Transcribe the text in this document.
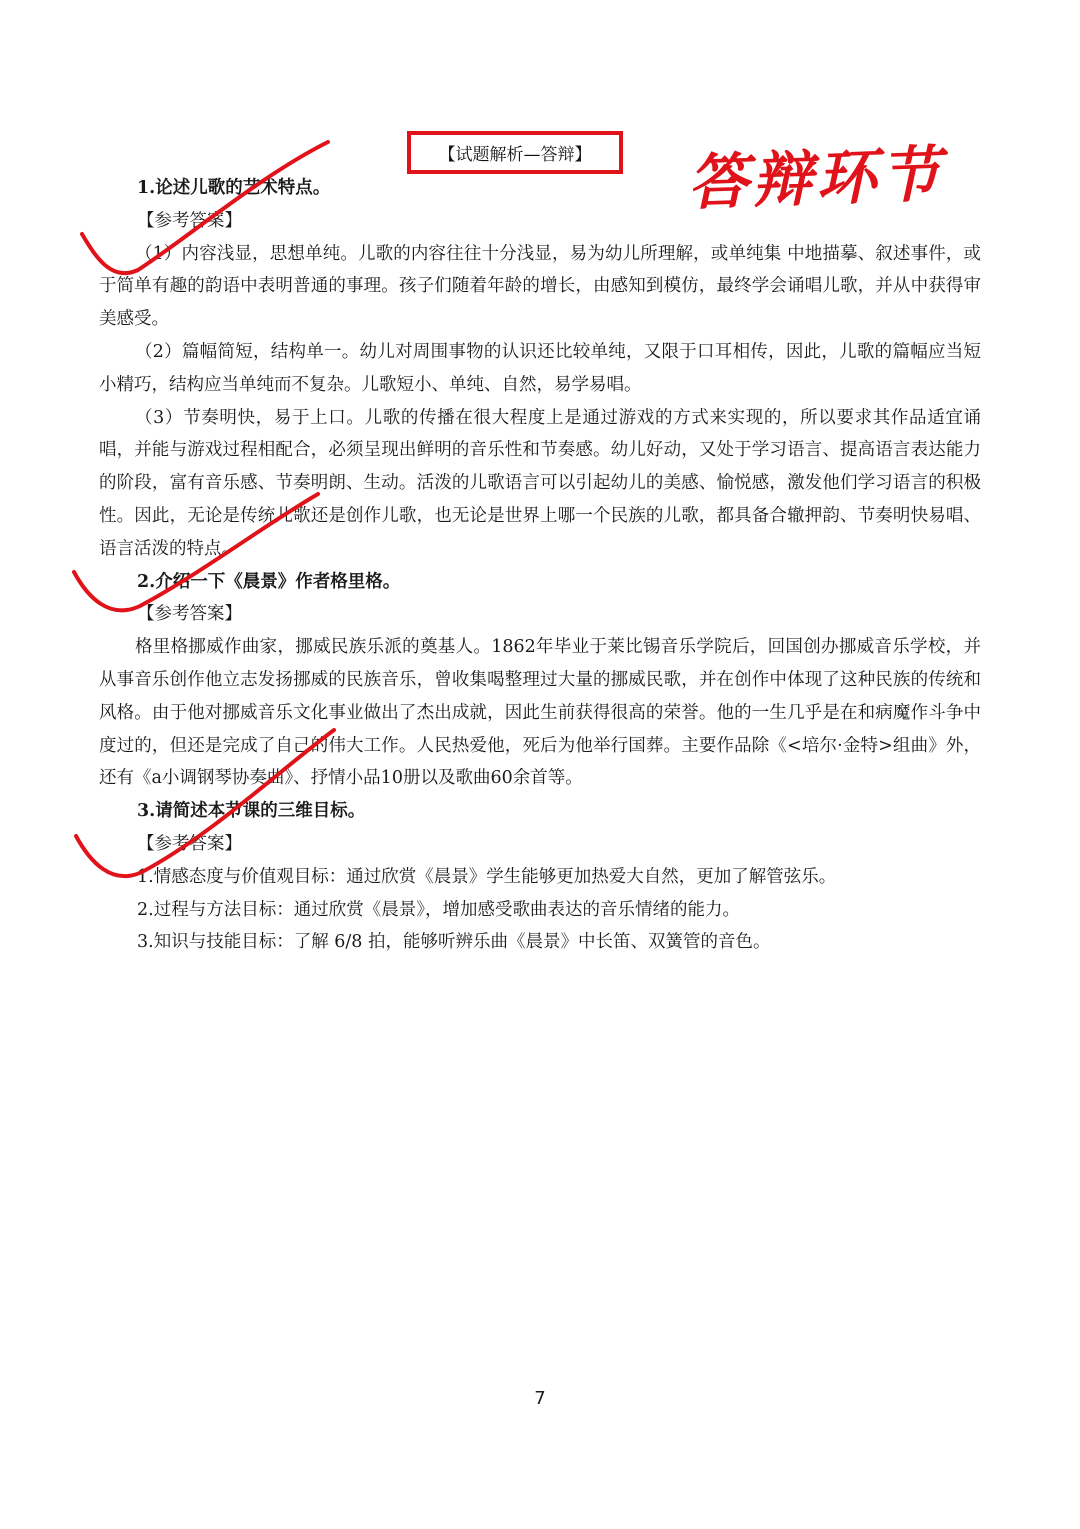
【试题解析—答辩】 答辩环节
1.论述儿歌的艺术特点。
【参考答案】

（1）内容浅显，思想单纯。儿歌的内容往往十分浅显，易为幼儿所理解，或单纯集 中地描摹、叙述事件，或于简单有趣的韵语中表明普通的事理。孩子们随着年龄的增长，由感知到模仿，最终学会诵唱儿歌，并从中获得审美感受。

（2）篇幅简短，结构单一。幼儿对周围事物的认识还比较单纯，又限于口耳相传，因此，儿歌的篇幅应当短小精巧，结构应当单纯而不复杂。儿歌短小、单纯、自然，易学易唱。

（3）节奏明快，易于上口。儿歌的传播在很大程度上是通过游戏的方式来实现的，所以要求其作品适宜诵唱，并能与游戏过程相配合，必须呈现出鲜明的音乐性和节奏感。幼儿好动，又处于学习语言、提高语言表达能力的阶段，富有音乐感、节奏明朗、生动。活泼的儿歌语言可以引起幼儿的美感、愉悦感，激发他们学习语言的积极性。因此，无论是传统儿歌还是创作儿歌，也无论是世界上哪一个民族的儿歌，都具备合辙押韵、节奏明快易唱、语言活泼的特点。

2.介绍一下《晨景》作者格里格。
【参考答案】

格里格挪威作曲家，挪威民族乐派的奠基人。1862年毕业于莱比锡音乐学院后，回国创办挪威音乐学校，并从事音乐创作他立志发扬挪威的民族音乐，曾收集喝整理过大量的挪威民歌，并在创作中体现了这种民族的传统和风格。由于他对挪威音乐文化事业做出了杰出成就，因此生前获得很高的荣誉。他的一生几乎是在和病魔作斗争中度过的，但还是完成了自己的伟大工作。人民热爱他，死后为他举行国葬。主要作品除《<培尔·金特>组曲》外，还有《a小调钢琴协奏曲》、抒情小品10册以及歌曲60余首等。

3.请简述本节课的三维目标。
【参考答案】
1.情感态度与价值观目标：通过欣赏《晨景》学生能够更加热爱大自然，更加了解管弦乐。
2.过程与方法目标：通过欣赏《晨景》，增加感受歌曲表达的音乐情绪的能力。
3.知识与技能目标：了解 6/8 拍，能够听辨乐曲《晨景》中长笛、双簧管的音色。
7
